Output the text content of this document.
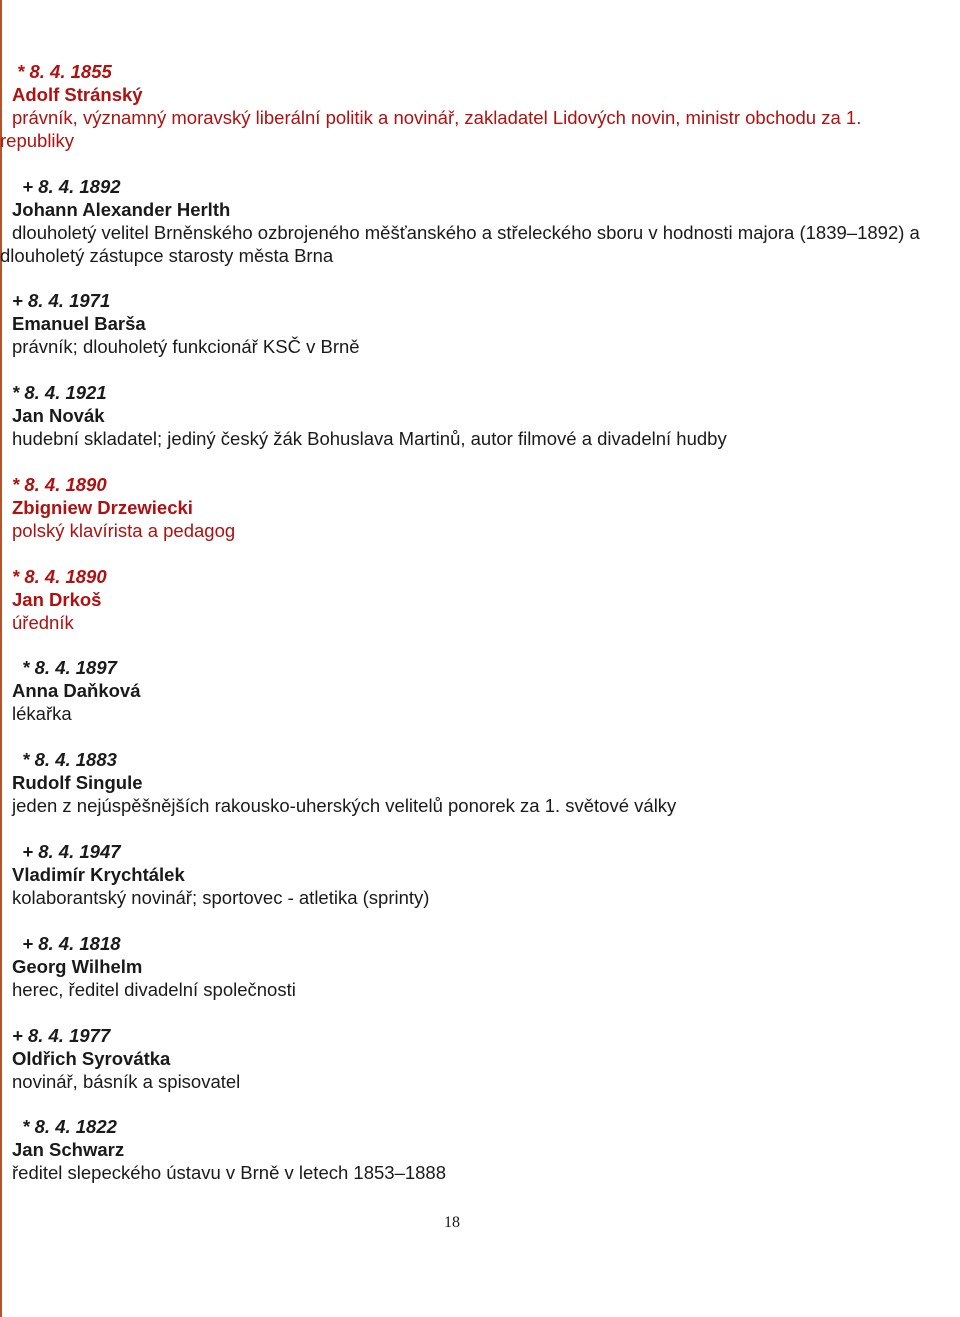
* 8. 4. 1855
Adolf Stránský
právník, významný moravský liberální politik a novinář, zakladatel Lidových novin, ministr obchodu za 1. republiky
+ 8. 4. 1892
Johann Alexander Herlth
dlouholetý velitel Brněnského ozbrojeného měšťanského a střeleckého sboru v hodnosti majora (1839–1892) a dlouholetý zástupce starosty města Brna
+ 8. 4. 1971
Emanuel Barša
právník; dlouholetý funkcionář KSČ v Brně
* 8. 4. 1921
Jan Novák
hudební skladatel; jediný český žák Bohuslava Martinů, autor filmové a divadelní hudby
* 8. 4. 1890
Zbigniew Drzewiecki
polský klavírista a pedagog
* 8. 4. 1890
Jan Drkoš
úředník
* 8. 4. 1897
Anna Daňková
lékařka
* 8. 4. 1883
Rudolf Singule
jeden z nejúspěšnějších rakousko-uherských velitelů ponorek za 1. světové války
+ 8. 4. 1947
Vladimír Krychtálek
kolaborantský novinář; sportovec - atletika (sprinty)
+ 8. 4. 1818
Georg Wilhelm
herec, ředitel divadelní společnosti
+ 8. 4. 1977
Oldřich Syrovátka
novinář, básník a spisovatel
* 8. 4. 1822
Jan Schwarz
ředitel slepeckého ústavu v Brně v letech 1853–1888
18
